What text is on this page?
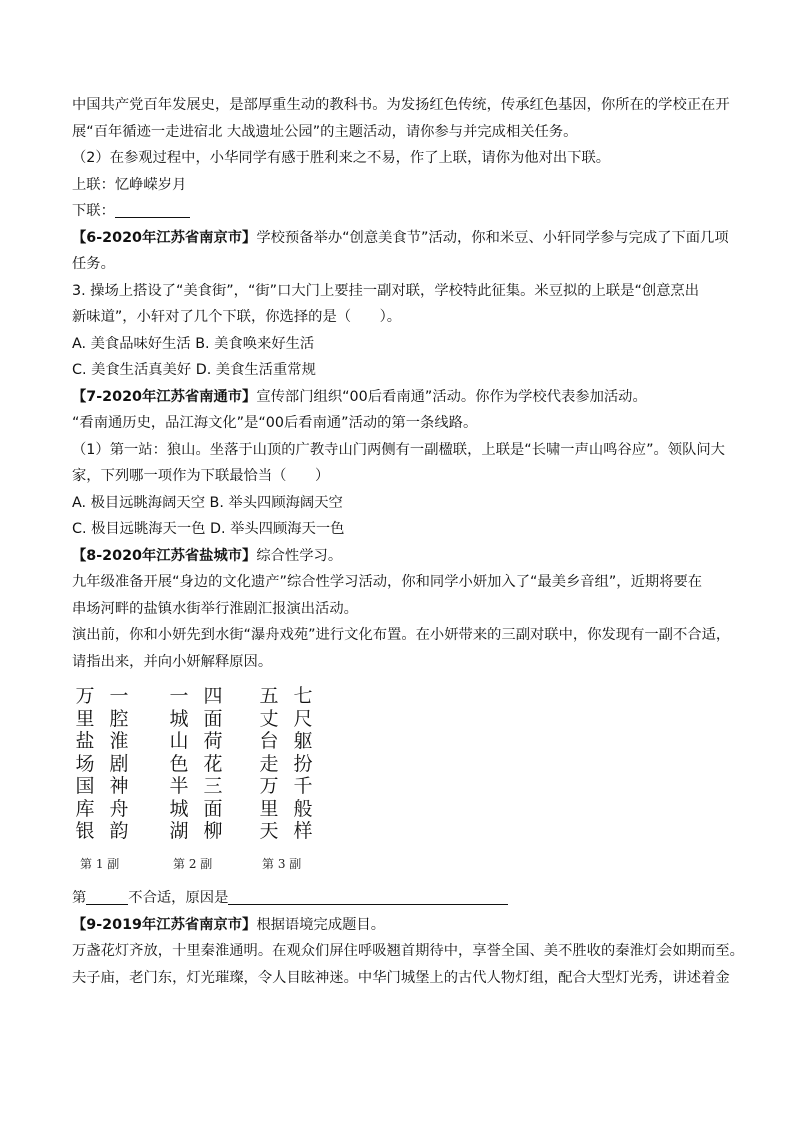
中国共产党百年发展史，是部厚重生动的教科书。为发扬红色传统，传承红色基因，你所在的学校正在开
展“百年循迹一走进宿北 大战遗址公园”的主题活动，请你参与并完成相关任务。
（2）在参观过程中，小华同学有感于胜利来之不易，作了上联，请你为他对出下联。
上联：忆峥嵘岁月
下联：
【6-2020年江苏省南京市】学校预备举办“创意美食节”活动，你和米豆、小轩同学参与完成了下面几项
任务。
3. 操场上搭设了“美食街”，“街”口大门上要挂一副对联，学校特此征集。米豆拟的上联是“创意烹出
新味道”，小轩对了几个下联，你选择的是（　　）。
A. 美食品味好生活 B. 美食唤来好生活
C. 美食生活真美好 D. 美食生活重常规
【7-2020年江苏省南通市】宣传部门组织“00后看南通”活动。你作为学校代表参加活动。
“看南通历史，品江海文化”是“00后看南通”活动的第一条线路。
（1）第一站：狼山。坐落于山顶的广教寺山门两侧有一副楹联，上联是“长啸一声山鸣谷应”。领队问大
家，下列哪一项作为下联最恰当（　　）
A. 极目远眺海阔天空 B. 举头四顾海阔天空
C. 极目远眺海天一色 D. 举头四顾海天一色
【8-2020年江苏省盐城市】综合性学习。
九年级准备开展“身边的文化遗产”综合性学习活动，你和同学小妍加入了“最美乡音组”，近期将要在
串场河畔的盐镇水街举行淮剧汇报演出活动。
演出前，你和小妍先到水街“瀑舟戏苑”进行文化布置。在小妍带来的三副对联中，你发现有一副不合适，
请指出来，并向小妍解释原因。
万里盐场国库银
一腔淮剧神舟韵
一城山色半城湖
四面荷花三面柳
五丈台走万里天
七尺躯扮千般样
第 1 副	第 2 副	第 3 副
第	不合适，原因是
【9-2019年江苏省南京市】根据语境完成题目。
万盏花灯齐放，十里秦淮通明。在观众们屏住呼吸翘首期待中，享誉全国、美不胜收的秦淮灯会如期而至。
夫子庙，老门东，灯光璀璨，令人目眩神迷。中华门城堡上的古代人物灯组，配合大型灯光秀，讲述着金
